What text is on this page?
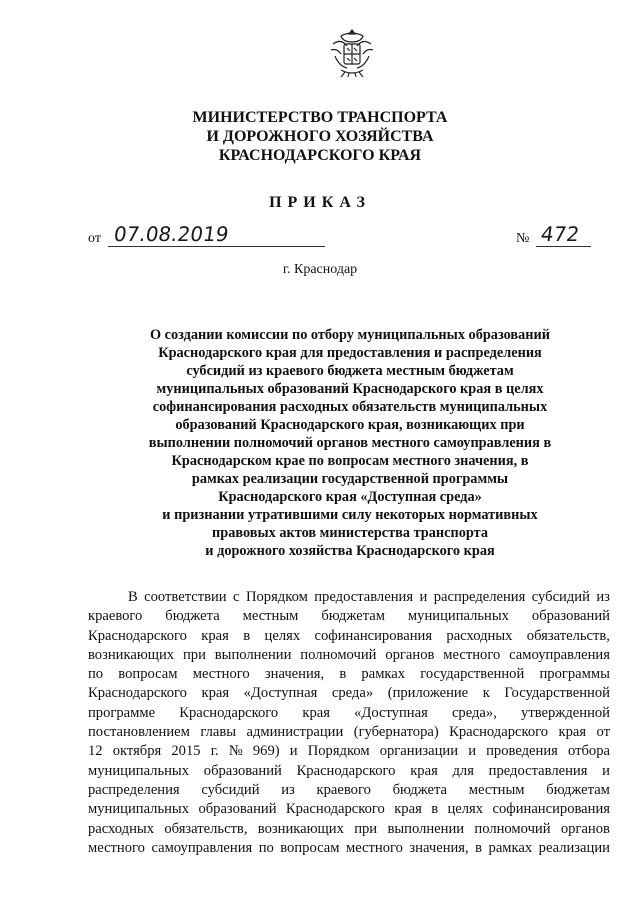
МИНИСТЕРСТВО ТРАНСПОРТА
И ДОРОЖНОГО ХОЗЯЙСТВА
КРАСНОДАРСКОГО КРАЯ
ПРИКАЗ
от 07.08.2019	№ 472
г. Краснодар
О создании комиссии по отбору муниципальных образований
Краснодарского края для предоставления и распределения
субсидий из краевого бюджета местным бюджетам
муниципальных образований Краснодарского края в целях
софинансирования расходных обязательств муниципальных
образований Краснодарского края, возникающих при
выполнении полномочий органов местного самоуправления в
Краснодарском крае по вопросам местного значения, в
рамках реализации государственной программы
Краснодарского края «Доступная среда»
и признании утратившими силу некоторых нормативных
правовых актов министерства транспорта
и дорожного хозяйства Краснодарского края
В соответствии с Порядком предоставления и распределения субсидий из
краевого бюджета местным бюджетам муниципальных образований
Краснодарского края в целях софинансирования расходных обязательств,
возникающих при выполнении полномочий органов местного самоуправления
по вопросам местного значения, в рамках государственной программы
Краснодарского края «Доступная среда» (приложение к Государственной
программе Краснодарского края «Доступная среда», утвержденной
постановлением главы администрации (губернатора) Краснодарского края от
12 октября 2015 г. № 969) и Порядком организации и проведения отбора
муниципальных образований Краснодарского края для предоставления и
распределения субсидий из краевого бюджета местным бюджетам
муниципальных образований Краснодарского края в целях софинансирования
расходных обязательств, возникающих при выполнении полномочий органов
местного самоуправления по вопросам местного значения, в рамках реализации
